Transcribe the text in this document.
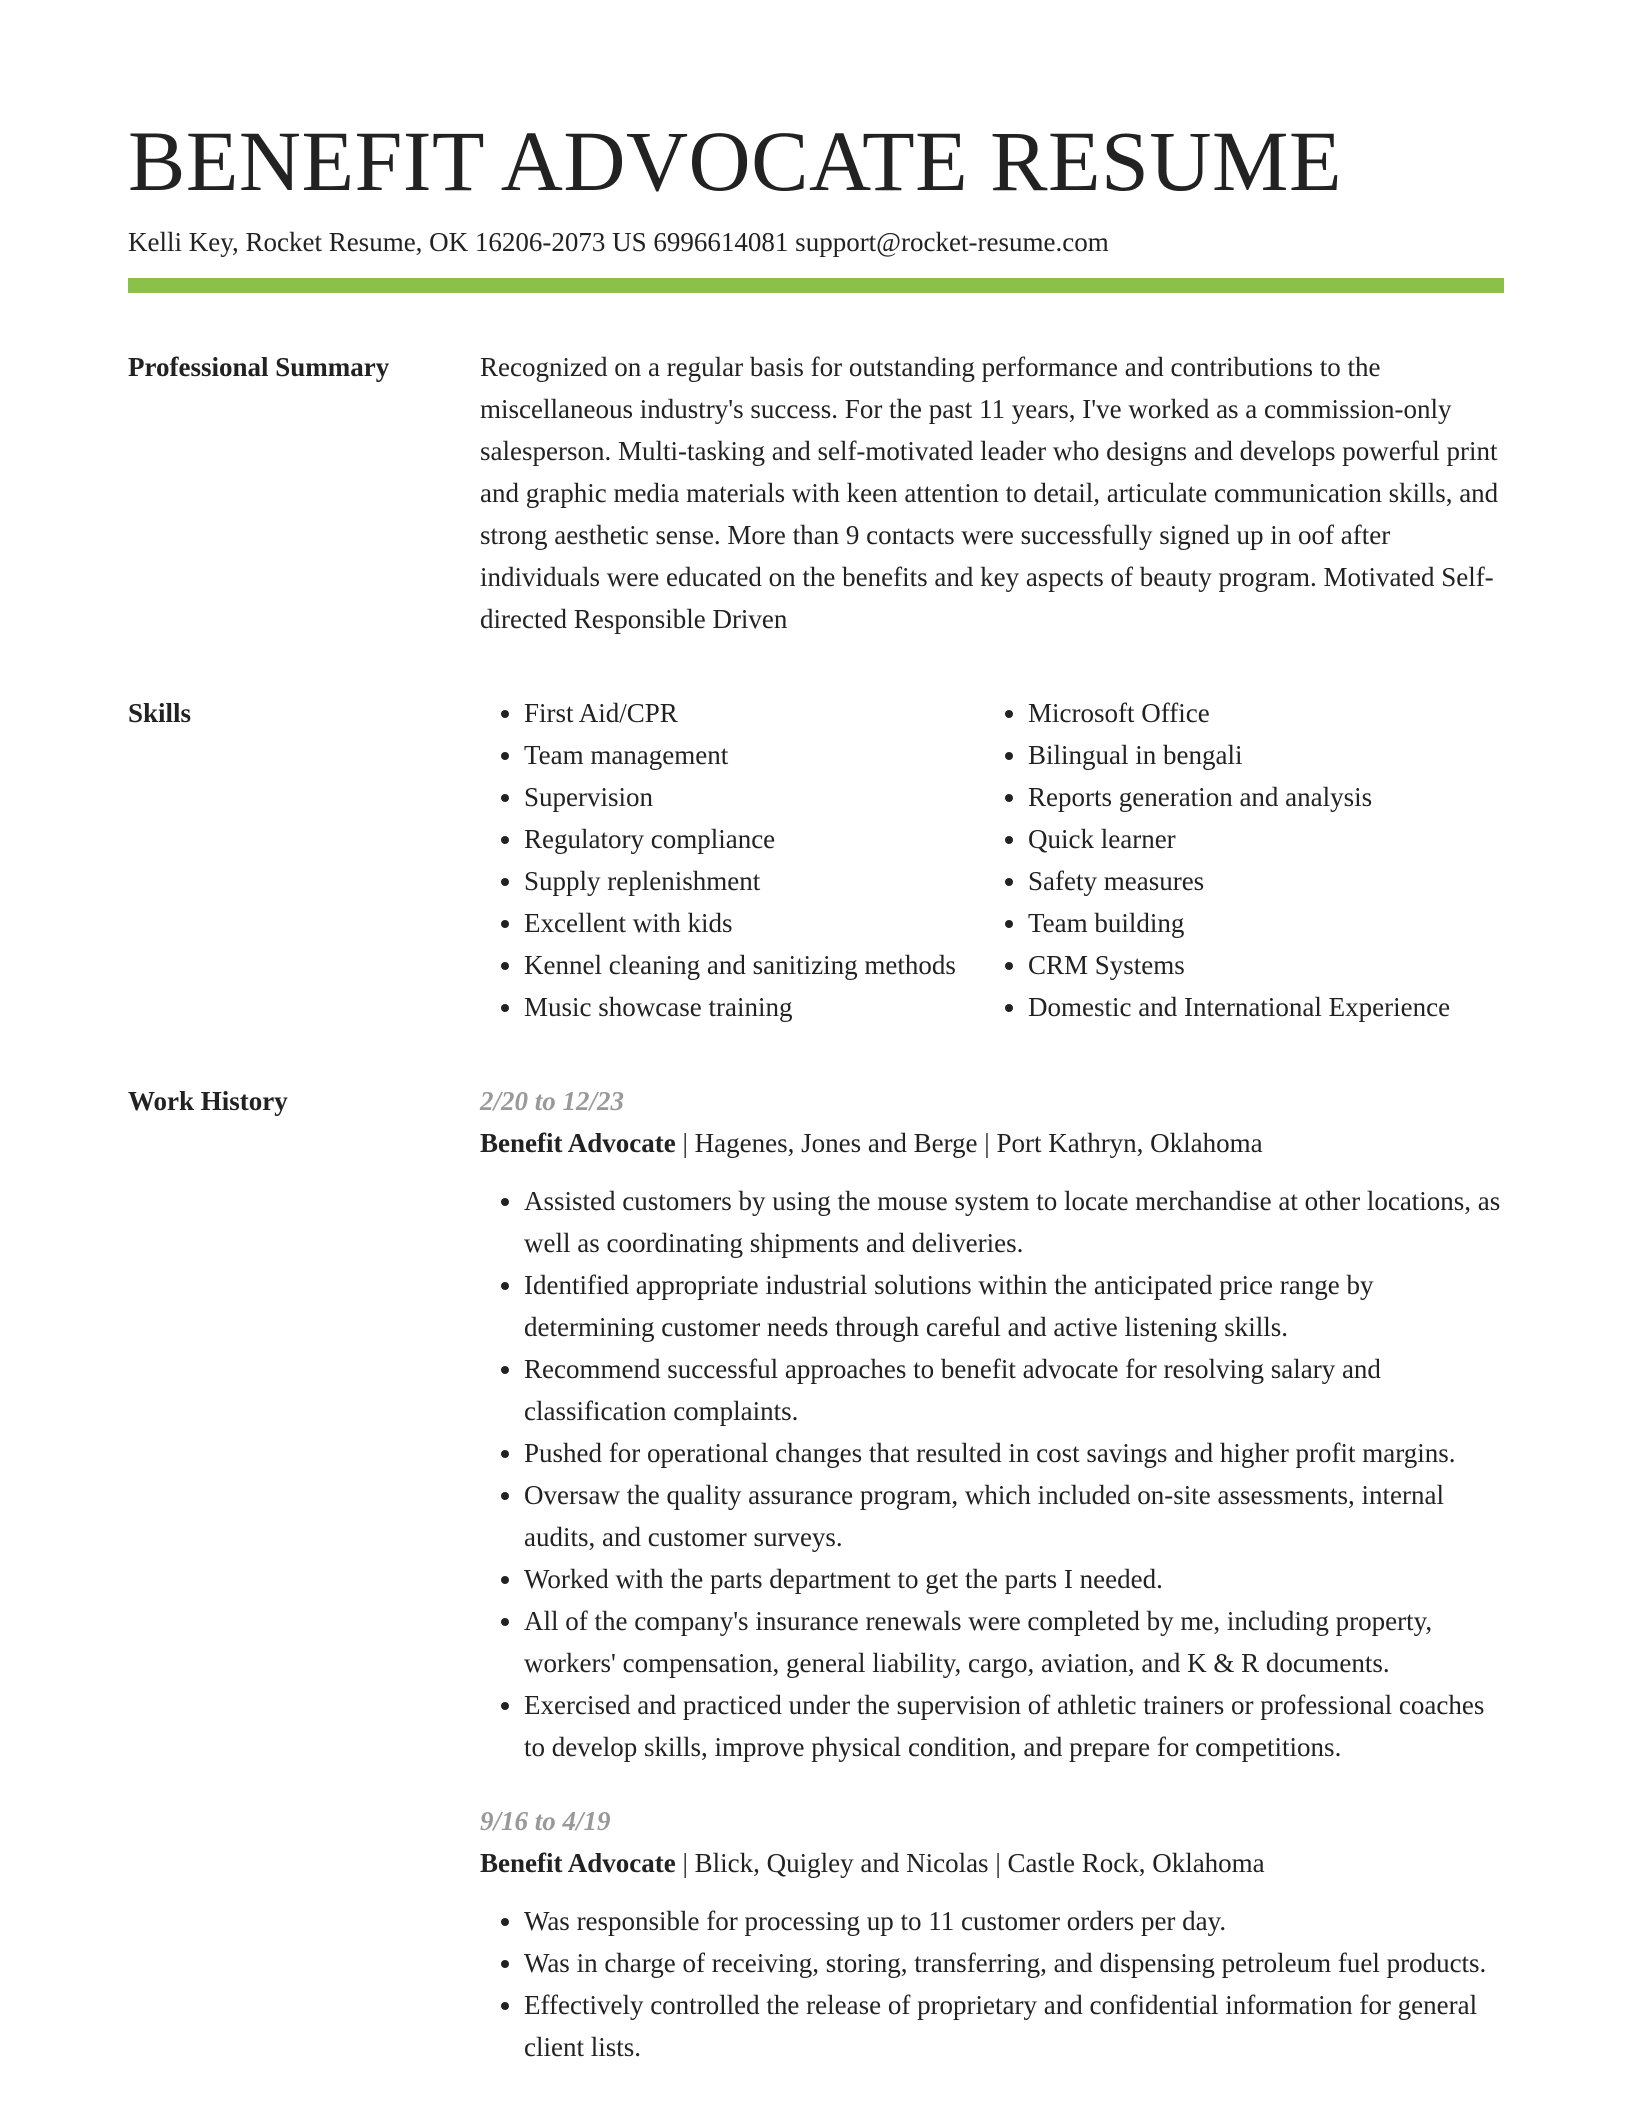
BENEFIT ADVOCATE RESUME
Kelli Key, Rocket Resume, OK 16206-2073 US 6996614081 support@rocket-resume.com
Professional Summary	Recognized on a regular basis for outstanding performance and contributions to the miscellaneous industry's success. For the past 11 years, I've worked as a commission-only salesperson. Multi-tasking and self-motivated leader who designs and develops powerful print and graphic media materials with keen attention to detail, articulate communication skills, and strong aesthetic sense. More than 9 contacts were successfully signed up in oof after individuals were educated on the benefits and key aspects of beauty program. Motivated Self-directed Responsible Driven

Skills
•	First Aid/CPR
• Team management
• Supervision
• Regulatory compliance
• Supply replenishment
• Excellent with kids
• Kennel cleaning and sanitizing methods
• Music showcase training
• Microsoft Office
• Bilingual in bengali
• Reports generation and analysis
• Quick learner
• Safety measures
• Team building
• CRM Systems
• Domestic and International Experience
Work History	2/20 to 12/23
Benefit Advocate | Hagenes, Jones and Berge | Port Kathryn, Oklahoma
• Assisted customers by using the mouse system to locate merchandise at other locations, as well as coordinating shipments and deliveries.
• Identified appropriate industrial solutions within the anticipated price range by determining customer needs through careful and active listening skills.
• Recommend successful approaches to benefit advocate for resolving salary and classification complaints.
• Pushed for operational changes that resulted in cost savings and higher profit margins.
• Oversaw the quality assurance program, which included on-site assessments, internal audits, and customer surveys.
• Worked with the parts department to get the parts I needed.
• All of the company's insurance renewals were completed by me, including property, workers' compensation, general liability, cargo, aviation, and K & R documents.
• Exercised and practiced under the supervision of athletic trainers or professional coaches to develop skills, improve physical condition, and prepare for competitions.
9/16 to 4/19
Benefit Advocate | Blick, Quigley and Nicolas | Castle Rock, Oklahoma
• Was responsible for processing up to 11 customer orders per day.
• Was in charge of receiving, storing, transferring, and dispensing petroleum fuel products.
• Effectively controlled the release of proprietary and confidential information for general client lists.
